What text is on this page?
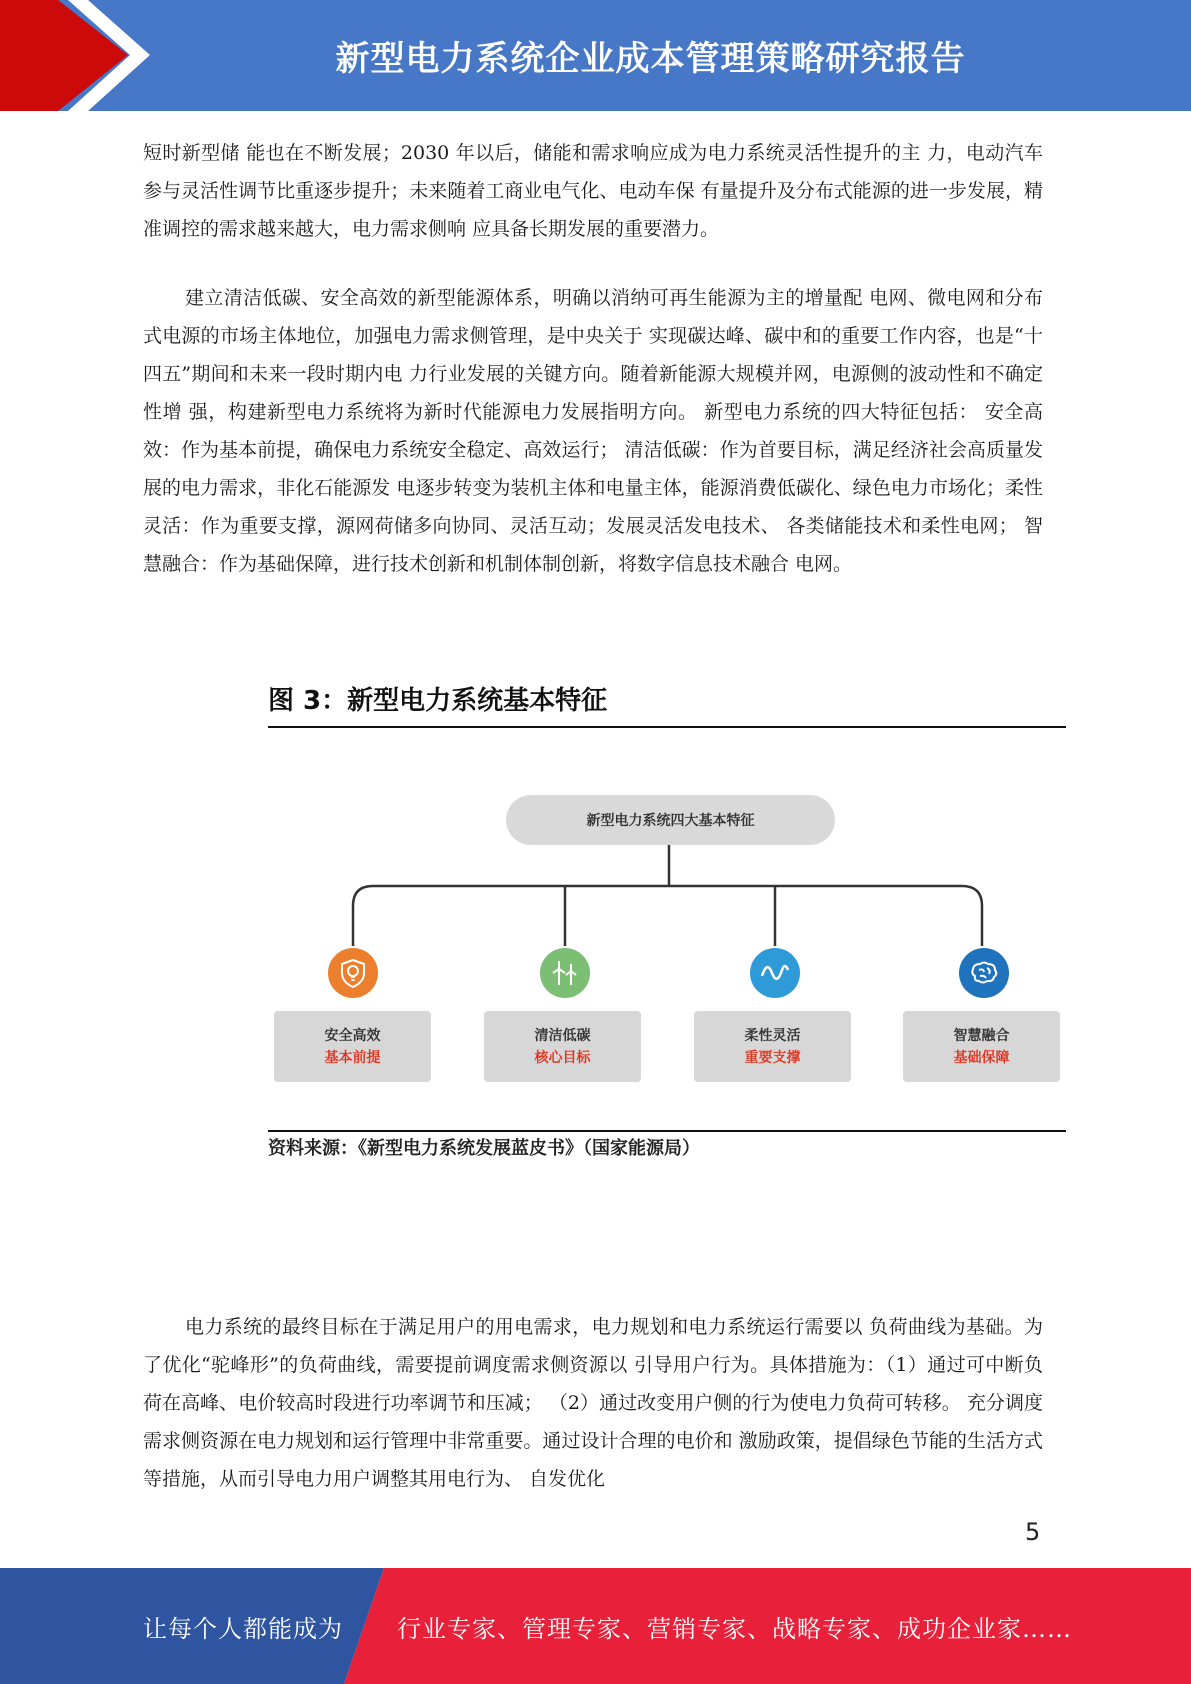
新型电力系统企业成本管理策略研究报告

短时新型储 能也在不断发展；2030 年以后，储能和需求响应成为电力系统灵活性提升的主 力，电动汽车参与灵活性调节比重逐步提升；未来随着工商业电气化、电动车保 有量提升及分布式能源的进一步发展，精准调控的需求越来越大，电力需求侧响 应具备长期发展的重要潜力。

建立清洁低碳、安全高效的新型能源体系，明确以消纳可再生能源为主的增量配 电网、微电网和分布式电源的市场主体地位，加强电力需求侧管理，是中央关于 实现碳达峰、碳中和的重要工作内容，也是“十四五”期间和未来一段时期内电 力行业发展的关键方向。随着新能源大规模并网，电源侧的波动性和不确定性增 强，构建新型电力系统将为新时代能源电力发展指明方向。 新型电力系统的四大特征包括： 安全高效：作为基本前提，确保电力系统安全稳定、高效运行； 清洁低碳：作为首要目标，满足经济社会高质量发展的电力需求，非化石能源发 电逐步转变为装机主体和电量主体，能源消费低碳化、绿色电力市场化；柔性灵活：作为重要支撑，源网荷储多向协同、灵活互动；发展灵活发电技术、 各类储能技术和柔性电网； 智慧融合：作为基础保障，进行技术创新和机制体制创新，将数字信息技术融合 电网。

图 3：新型电力系统基本特征
新型电力系统四大基本特征
安全高效
基本前提
清洁低碳
核心目标
柔性灵活
重要支撑
智慧融合
基础保障
资料来源：《新型电力系统发展蓝皮书》（国家能源局）

电力系统的最终目标在于满足用户的用电需求，电力规划和电力系统运行需要以 负荷曲线为基础。为了优化“驼峰形”的负荷曲线，需要提前调度需求侧资源以 引导用户行为。具体措施为：（1）通过可中断负荷在高峰、电价较高时段进行功率调节和压减； （2）通过改变用户侧的行为使电力负荷可转移。 充分调度需求侧资源在电力规划和运行管理中非常重要。通过设计合理的电价和 激励政策，提倡绿色节能的生活方式等措施，从而引导电力用户调整其用电行为、 自发优化

5
让每个人都能成为 行业专家、管理专家、营销专家、战略专家、成功企业家……
